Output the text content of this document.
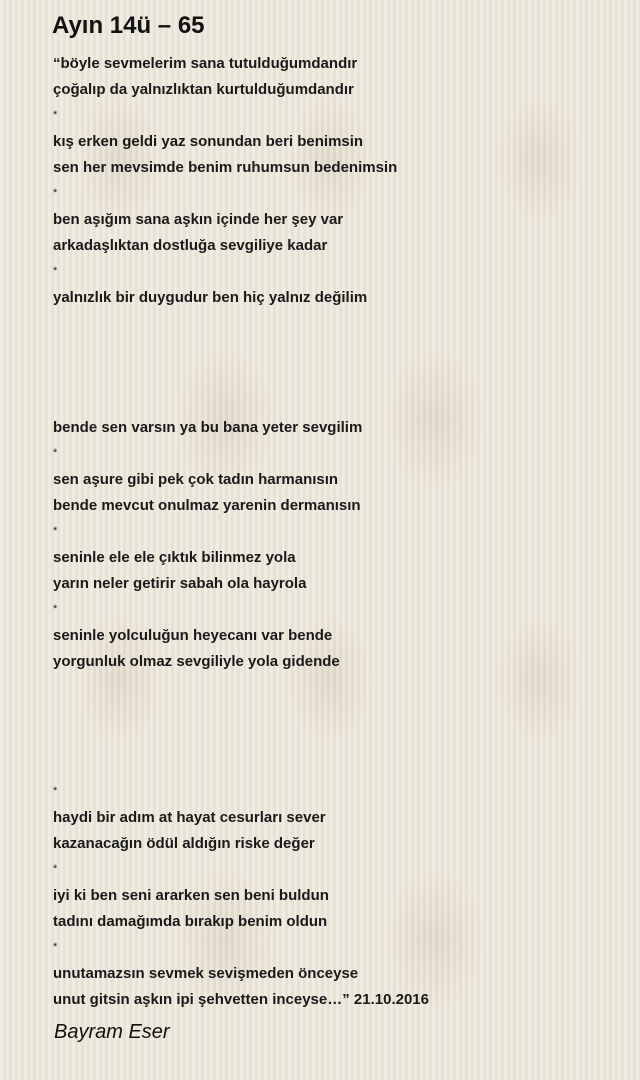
Ayın 14ü – 65
“böyle sevmelerim sana tutulduğumdandır
çoğalıp da yalnızlıktan kurtulduğumdandır
*
kış erken geldi yaz sonundan beri benimsin
sen her mevsimde benim ruhumsun bedenimsin
*
ben aşığım sana aşkın içinde her şey var
arkadaşlıktan dostluğa sevgiliye kadar
*
yalnızlık bir duygudur ben hiç yalnız değilim
bende sen varsın ya bu bana yeter sevgilim
*
sen aşure gibi pek çok tadın harmanısın
bende mevcut onulmaz yarenin dermanısın
*
seninle ele ele çıktık bilinmez yola
yarın neler getirir sabah ola hayrola
*
seninle yolculuğun heyecanı var bende
yorgunluk olmaz sevgiliyle yola gidende
*
haydi bir adım at hayat cesurları sever
kazanacağın ödül aldığın riske değer
*
iyi ki ben seni ararken sen beni buldun
tadını damağımda bırakıp benim oldun
*
unutamazsın sevmek sevişmeden önceyse
unut gitsin aşkın ipi şehvetten inceyse…” 21.10.2016

Bayram Eser
